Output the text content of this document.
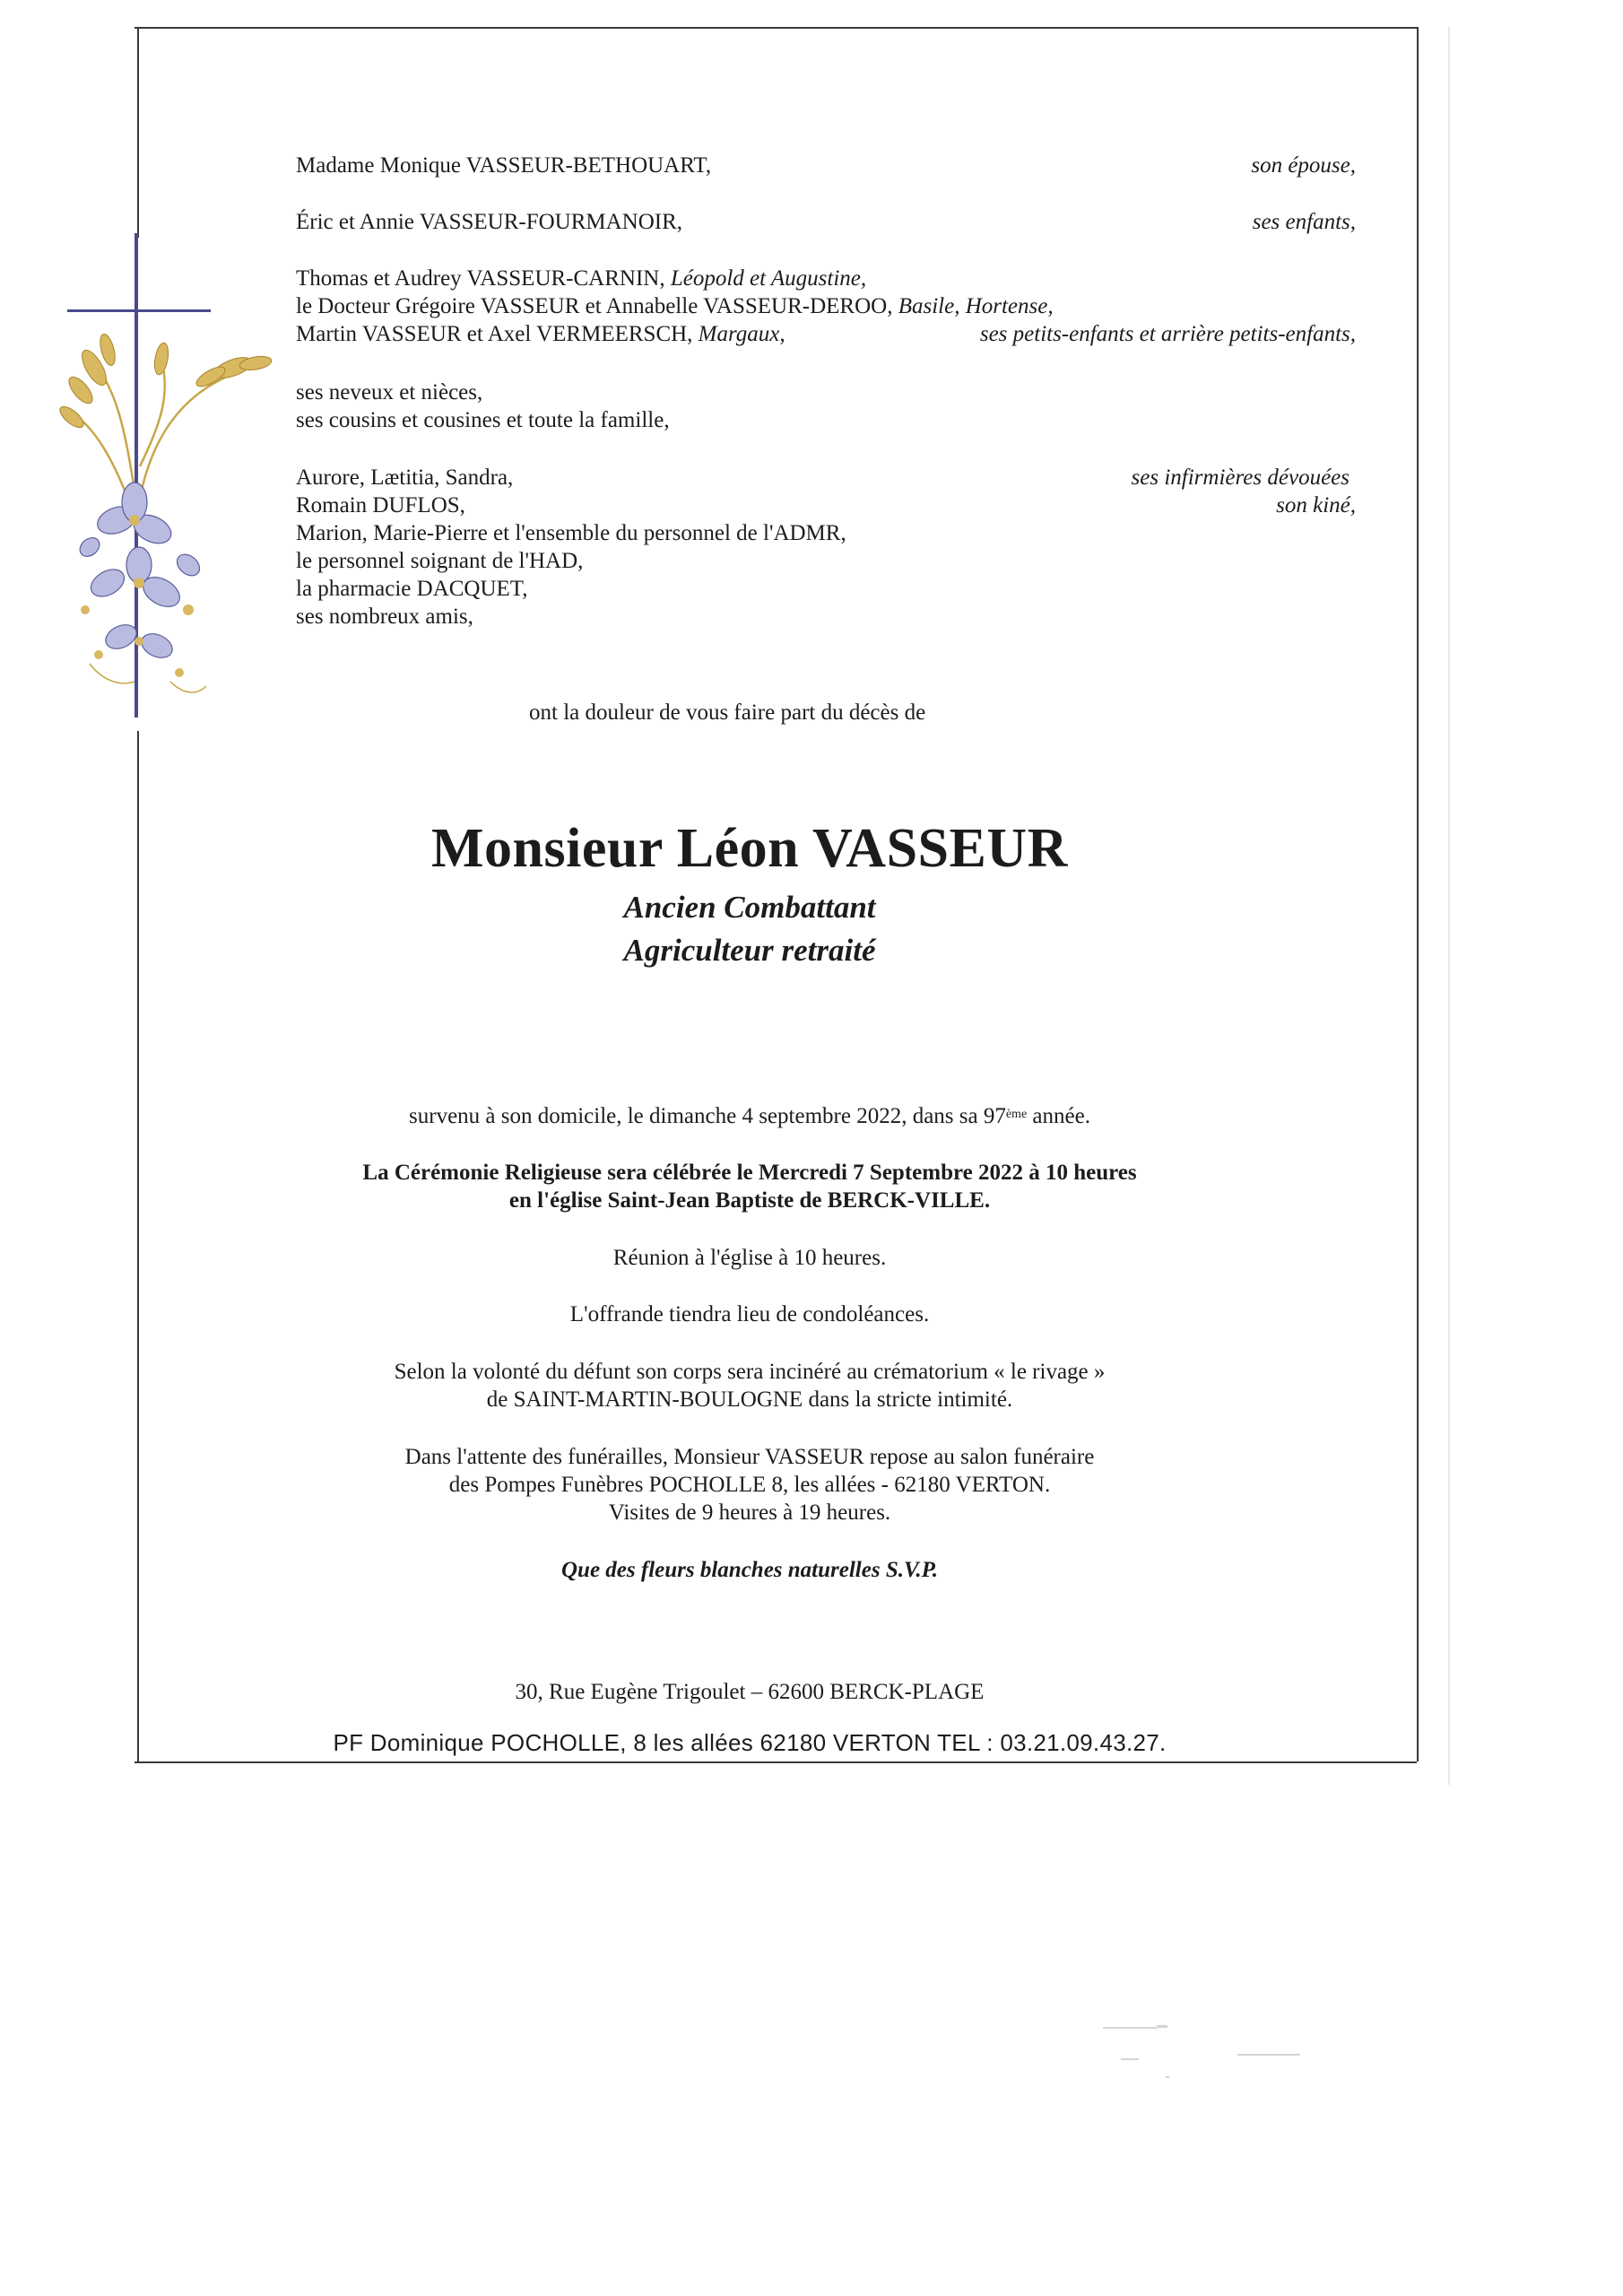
Madame Monique VASSEUR-BETHOUART,	son épouse,
Éric et Annie VASSEUR-FOURMANOIR,	ses enfants,
Thomas et Audrey VASSEUR-CARNIN, Léopold et Augustine,
le Docteur Grégoire VASSEUR et Annabelle VASSEUR-DEROO, Basile, Hortense,
Martin VASSEUR et Axel VERMEERSCH, Margaux,	ses petits-enfants et arrière petits-enfants,
ses neveux et nièces,
ses cousins et cousines et toute la famille,
Aurore, Lætitia, Sandra,	ses infirmières dévouées
Romain DUFLOS,	son kiné,
Marion, Marie-Pierre et l'ensemble du personnel de l'ADMR,
le personnel soignant de l'HAD,
la pharmacie DACQUET,
ses nombreux amis,
ont la douleur de vous faire part du décès de
Monsieur Léon VASSEUR
Ancien Combattant
Agriculteur retraité
survenu à son domicile, le dimanche 4 septembre 2022, dans sa 97ème année.
La Cérémonie Religieuse sera célébrée le Mercredi 7 Septembre 2022 à 10 heures
en l'église Saint-Jean Baptiste de BERCK-VILLE.
Réunion à l'église à 10 heures.
L'offrande tiendra lieu de condoléances.
Selon la volonté du défunt son corps sera incinéré au crématorium « le rivage »
de SAINT-MARTIN-BOULOGNE dans la stricte intimité.
Dans l'attente des funérailles, Monsieur VASSEUR repose au salon funéraire
des Pompes Funèbres POCHOLLE 8, les allées - 62180 VERTON.
Visites de 9 heures à 19 heures.
Que des fleurs blanches naturelles S.V.P.
30, Rue Eugène Trigoulet – 62600 BERCK-PLAGE
PF Dominique POCHOLLE, 8 les allées 62180 VERTON TEL : 03.21.09.43.27.
